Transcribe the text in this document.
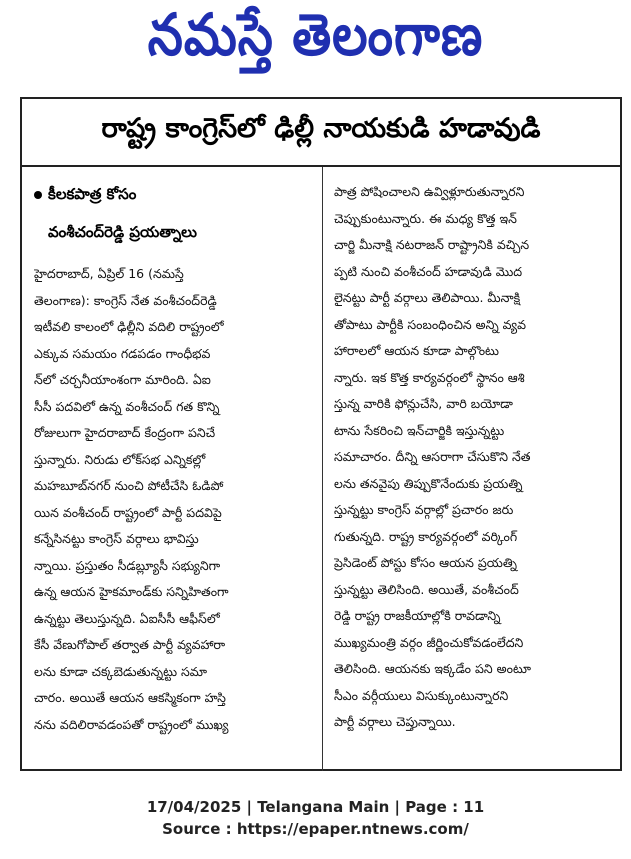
నమస్తే తెలంగాణ
రాష్ట్ర కాంగ్రెస్‌లో ఢిల్లీ నాయకుడి హడావుడి
కీలకపాత్ర కోసం
వంశీచంద్‌రెడ్డి ప్రయత్నాలు
హైదరాబాద్, ఏప్రిల్ 16 (నమస్తే
తెలంగాణ): కాంగ్రెస్ నేత వంశీచంద్‌రెడ్డి
ఇటీవలి కాలంలో ఢిల్లీని వదిలి రాష్ట్రంలో
ఎక్కువ సమయం గడపడం గాంధీభవ
న్‌లో చర్చనీయాంశంగా మారింది. ఏఐ
సీసీ పదవిలో ఉన్న వంశీచంద్ గత కొన్ని
రోజులుగా హైదరాబాద్ కేంద్రంగా పనిచే
స్తున్నారు. నిరుడు లోక్‌సభ ఎన్నికల్లో
మహబూబ్‌నగర్ నుంచి పోటీచేసి ఓడిపో
యిన వంశీచంద్ రాష్ట్రంలో పార్టీ పదవిపై
కన్నేసినట్టు కాంగ్రెస్ వర్గాలు భావిస్తు
న్నాయి. ప్రస్తుతం సీడబ్ల్యూసీ సభ్యునిగా
ఉన్న ఆయన హైకమాండ్‌కు సన్నిహితంగా
ఉన్నట్టు తెలుస్తున్నది. ఏఐసీసీ ఆఫీస్‌లో
కేసీ వేణుగోపాల్ తర్వాత పార్టీ వ్యవహారా
లను కూడా చక్కబెడుతున్నట్టు సమా
చారం. అయితే ఆయన ఆకస్మికంగా హస్తి
నను వదిలిరావడంపతో రాష్ట్రంలో ముఖ్య
పాత్ర పోషించాలని ఉవ్విళ్లూరుతున్నారని
చెప్పుకుంటున్నారు. ఈ మధ్య కొత్త ఇన్
చార్జి మీనాక్షి నటరాజన్ రాష్ట్రానికి వచ్చిన
ప్పటి నుంచి వంశీచంద్ హడావుడి మొద
లైనట్టు పార్టీ వర్గాలు తెలిపాయి. మీనాక్షి
తోపాటు పార్టీకి సంబంధించిన అన్ని వ్యవ
హారాలలో ఆయన కూడా పాల్గొంటు
న్నారు. ఇక కొత్త కార్యవర్గంలో స్థానం ఆశి
స్తున్న వారికి ఫోన్లుచేసి, వారి బయోడా
టాను సేకరించి ఇన్‌చార్జికి ఇస్తున్నట్టు
సమాచారం. దీన్ని ఆసరాగా చేసుకొని నేత
లను తనవైపు తిప్పుకొనేందుకు ప్రయత్ని
స్తున్నట్టు కాంగ్రెస్ వర్గాల్లో ప్రచారం జరు
గుతున్నది. రాష్ట్ర కార్యవర్గంలో వర్కింగ్
ప్రెసిడెంట్ పోస్టు కోసం ఆయన ప్రయత్ని
స్తున్నట్టు తెలిసింది. అయితే, వంశీచంద్
రెడ్డి రాష్ట్ర రాజకీయాల్లోకి రావడాన్ని
ముఖ్యమంత్రి వర్గం జీర్ణించుకోవడంలేదని
తెలిసింది. ఆయనకు ఇక్కడేం పని అంటూ
సీఎం వర్గీయులు విసుక్కుంటున్నారని
పార్టీ వర్గాలు చెప్తున్నాయి.
17/04/2025 | Telangana Main | Page : 11
Source : https://epaper.ntnews.com/
